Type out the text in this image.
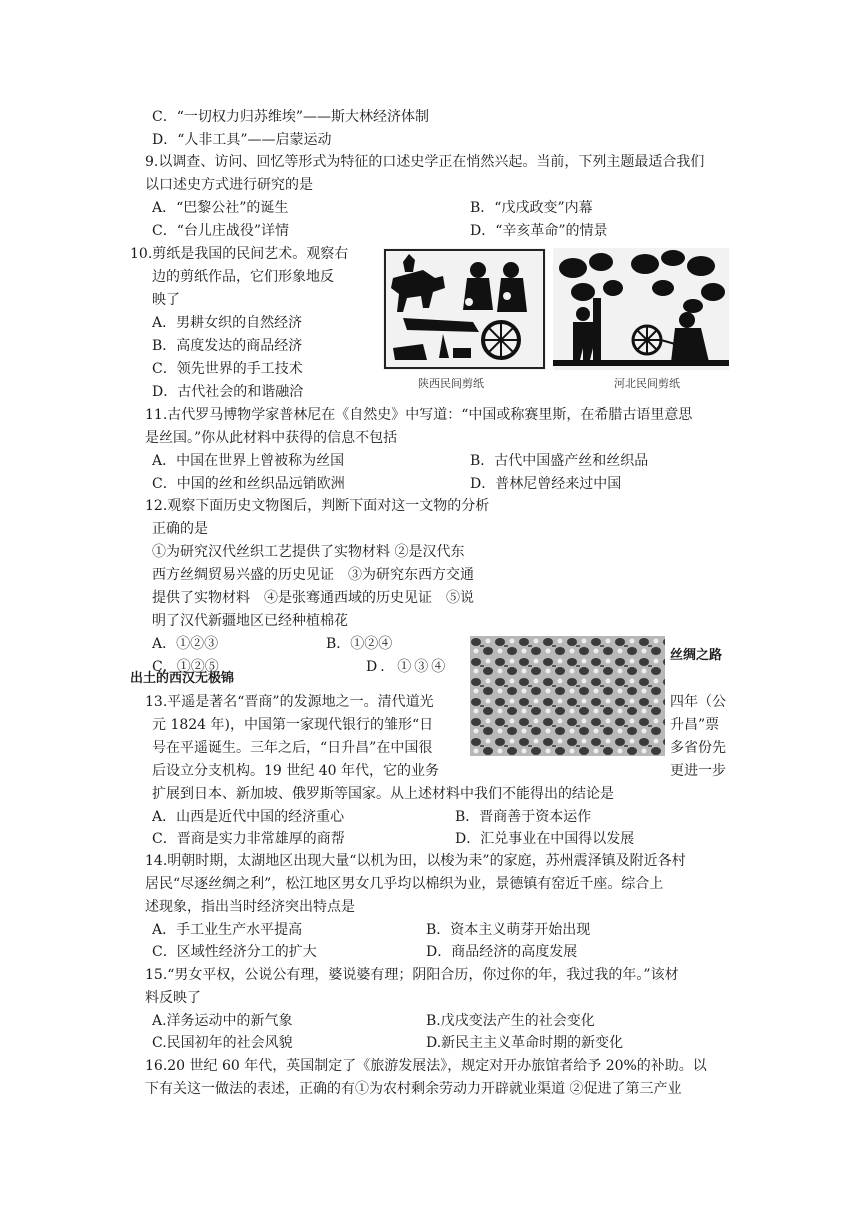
C．“一切权力归苏维埃”——斯大林经济体制
D．“人非工具”——启蒙运动
9.以调查、访问、回忆等形式为特征的口述史学正在悄然兴起。当前，下列主题最适合我们
以口述史方式进行研究的是
A．“巴黎公社”的诞生	B．“戊戌政变”内幕
C．“台儿庄战役”详情	D．“辛亥革命”的情景
10.剪纸是我国的民间艺术。观察右
边的剪纸作品，它们形象地反
映了
A．男耕女织的自然经济
B．高度发达的商品经济
C．领先世界的手工技术
D．古代社会的和谐融洽
陕西民间剪纸	河北民间剪纸
11.古代罗马博物学家普林尼在《自然史》中写道：“中国或称赛里斯，在希腊古语里意思
是丝国。”你从此材料中获得的信息不包括
A．中国在世界上曾被称为丝国	B．古代中国盛产丝和丝织品
C．中国的丝和丝织品远销欧洲	D．普林尼曾经来过中国
12.观察下面历史文物图后，判断下面对这一文物的分析
正确的是
①为研究汉代丝织工艺提供了实物材料 ②是汉代东
西方丝绸贸易兴盛的历史见证　③为研究东西方交通
提供了实物材料　④是张骞通西域的历史见证　⑤说
明了汉代新疆地区已经种植棉花
A．①②③	B．①②④
C．①②⑤	D．①③④
丝绸之路
出土的西汉无极锦
13.平遥是著名“晋商”的发源地之一。清代道光	四年（公
元 1824 年)，中国第一家现代银行的雏形“日	升昌”票
号在平遥诞生。三年之后，“日升昌”在中国很	多省份先
后设立分支机构。19 世纪 40 年代，它的业务	更进一步
扩展到日本、新加坡、俄罗斯等国家。从上述材料中我们不能得出的结论是
A．山西是近代中国的经济重心	B．晋商善于资本运作
C．晋商是实力非常雄厚的商帮	D．汇兑事业在中国得以发展
14.明朝时期，太湖地区出现大量“以机为田，以梭为耒”的家庭，苏州震泽镇及附近各村
居民“尽逐丝绸之利”，松江地区男女几乎均以棉织为业，景德镇有窑近千座。综合上
述现象，指出当时经济突出特点是
A．手工业生产水平提高	B．资本主义萌芽开始出现
C．区域性经济分工的扩大	D．商品经济的高度发展
15.“男女平权，公说公有理，婆说婆有理；阴阳合历，你过你的年，我过我的年。”该材
料反映了
A.洋务运动中的新气象	B.戊戌变法产生的社会变化
C.民国初年的社会风貌	D.新民主主义革命时期的新变化
16.20 世纪 60 年代，英国制定了《旅游发展法》，规定对开办旅馆者给予 20%的补助。以
下有关这一做法的表述，正确的有①为农村剩余劳动力开辟就业渠道 ②促进了第三产业
